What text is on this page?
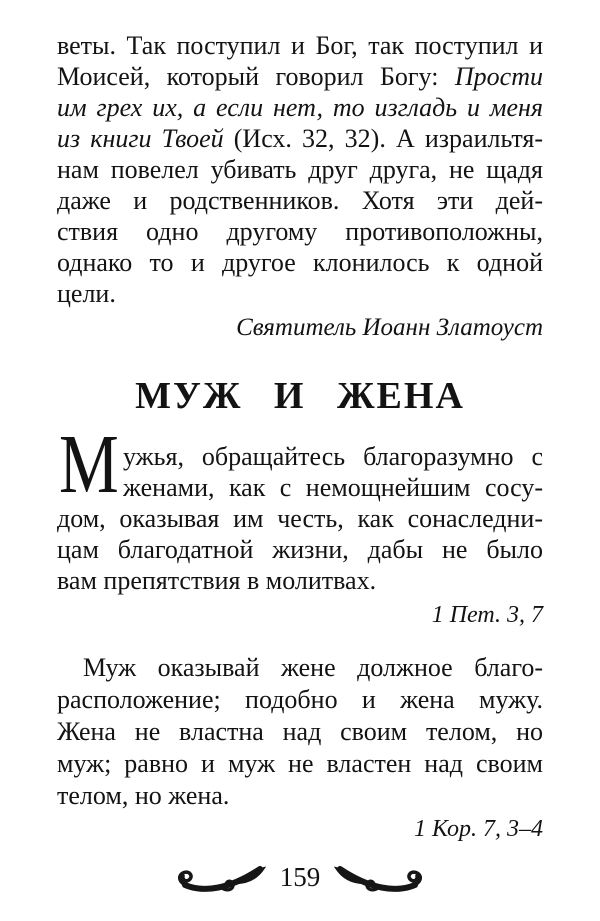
веты. Так поступил и Бог, так поступил и
Моисей, который говорил Богу: Прости
им грех их, а если нет, то изгладь и меня
из книги Твоей (Исх. 32, 32). А израильтя-
нам повелел убивать друг друга, не щадя
даже и родственников. Хотя эти дей-
ствия одно другому противоположны,
однако то и другое клонилось к одной
цели.
Святитель Иоанн Златоуст
МУЖ И ЖЕНА
М ужья, обращайтесь благоразумно с
женами, как с немощнейшим сосу-
дом, оказывая им честь, как сонаследни-
цам благодатной жизни, дабы не было
вам препятствия в молитвах.
1 Пет. 3, 7
Муж оказывай жене должное благо-
расположение; подобно и жена мужу.
Жена не властна над своим телом, но
муж; равно и муж не властен над своим
телом, но жена.
1 Кор. 7, 3–4
159
